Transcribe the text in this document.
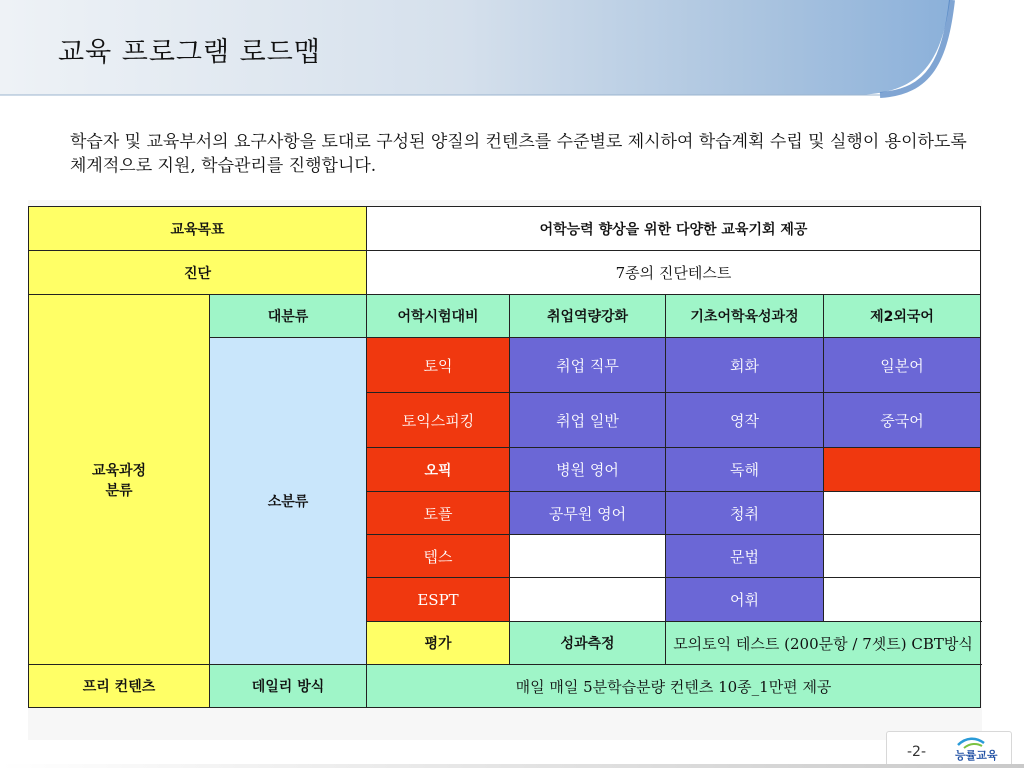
교육 프로그램 로드맵
학습자 및 교육부서의 요구사항을 토대로 구성된 양질의 컨텐츠를 수준별로 제시하여 학습계획 수립 및 실행이 용이하도록 체계적으로 지원, 학습관리를 진행합니다.
교육목표		어학능력 향상을 위한 다양한 교육기회 제공			
진단		7종의 진단테스트			
교육과정
분류	대분류	어학시험대비	취업역량강화	기초어학육성과정	제2외국어
	소분류	토익	취업 직무	회화	일본어
		토익스피킹	취업 일반	영작	중국어
		오픽	병원 영어	독해	
		토플	공무원 영어	청취	
		텝스		문법	
		ESPT		어휘	
		평가	성과측정	모의토익 테스트 (200문항 / 7셋트) CBT방식	
프리 컨텐츠	데일리 방식	매일 매일 5분학습분량 컨텐츠 10종_1만편 제공			
-2-	능률교육
